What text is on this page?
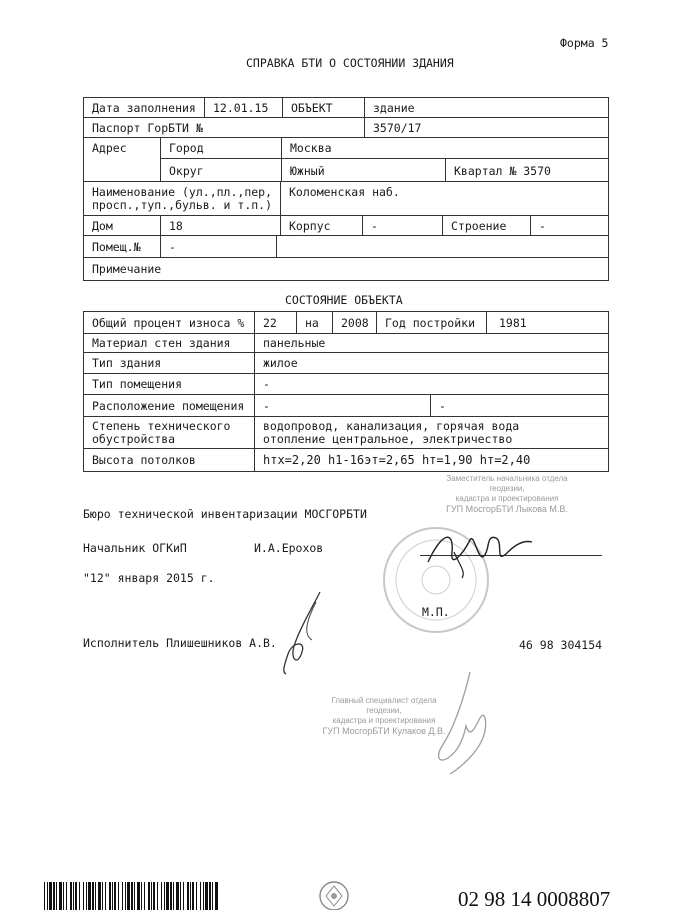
Форма 5
СПРАВКА БТИ О СОСТОЯНИИ ЗДАНИЯ
Дата заполнения	12.01.15	ОБЪЕКТ	здание
Паспорт ГорБТИ №	3570/17
Адрес	Город	Москва
Округ	Южный	Квартал № 3570
Наименование (ул.,пл.,пер,
просп.,туп.,бульв. и т.п.)
Коломенская наб.
Дом	18	Корпус	-	Строение	-
Помещ.№	-
Примечание
СОСТОЯНИЕ ОБЪЕКТА
Общий процент износа %	22	на	2008	Год постройки	1981
Материал стен здания	панельные
Тип здания	жилое
Тип помещения	-
Расположение помещения	-	-
Степень технического
обустройства
водопровод, канализация, горячая вода
отопление центральное, электричество
Высота потолков	hтх=2,20 h1-16эт=2,65 hт=1,90 hт=2,40
Заместитель начальника отдела геодезии,
кадастра и проектирования
ГУП МосгорБТИ Лыкова М.В.
Бюро технической инвентаризации МОСГОРБТИ
Начальник ОГКиП	И.А.Ерохов
"12" января 2015 г.
М.П.
Исполнитель Плишешников А.В.	46 98 304154
Главный специалист отдела геодезии,
кадастра и проектирования
ГУП МосгорБТИ Кулаков Д.В.
02 98 14 0008807
